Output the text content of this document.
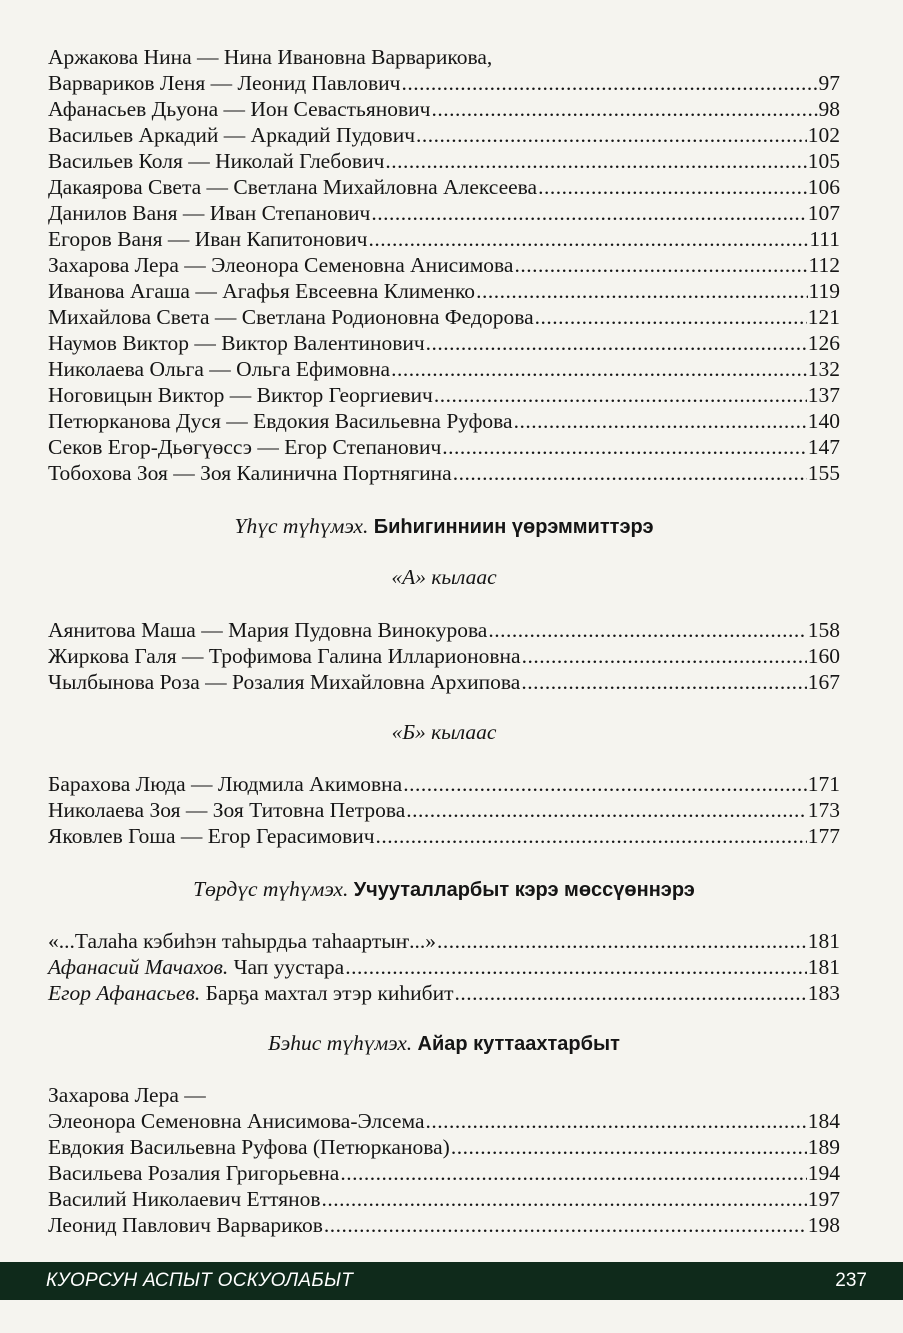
Аржакова Нина — Нина Ивановна Варварикова,
Варвариков Леня — Леонид Павлович .....	97
Афанасьев Дьуона — Ион Севастьянович .....	98
Васильев Аркадий — Аркадий Пудович .....	102
Васильев Коля — Николай Глебович .....	105
Дакаярова Света — Светлана Михайловна Алексеева .....	106
Данилов Ваня — Иван Степанович .....	107
Егоров Ваня — Иван Капитонович .....	111
Захарова Лера — Элеонора Семеновна Анисимова .....	112
Иванова Агаша — Агафья Евсеевна Клименко .....	119
Михайлова Света — Светлана Родионовна Федорова .....	121
Наумов Виктор — Виктор Валентинович .....	126
Николаева Ольга — Ольга Ефимовна .....	132
Ноговицын Виктор — Виктор Георгиевич .....	137
Петюрканова Дуся — Евдокия Васильевна Руфова .....	140
Секов Егор-Дьөгүөссэ — Егор Степанович .....	147
Тобохова Зоя — Зоя Калинична Портнягина .....	155
Үһүс түһүмэх. Биһигинниин үөрэммиттэрэ
«А» кылаас
Аянитова Маша — Мария Пудовна Винокурова .....	158
Жиркова Галя — Трофимова Галина Илларионовна .....	160
Чылбынова Роза — Розалия Михайловна Архипова .....	167
«Б» кылаас
Барахова Люда — Людмила Акимовна .....	171
Николаева Зоя — Зоя Титовна Петрова .....	173
Яковлев Гоша — Егор Герасимович .....	177
Төрдүс түһүмэх. Учууталларбыт кэрэ мөссүөннэрэ
«...Талаһа кэбиһэн таһырдьа таһаартыҥ...» .....	181
Афанасий Мачахов. Чап уустара .....	181
Егор Афанасьев. Барҕа махтал этэр киһибит .....	183
Бэһис түһүмэх. Айар куттаахтарбыт
Захарова Лера —
Элеонора Семеновна Анисимова-Элсема .....	184
Евдокия Васильевна Руфова (Петюрканова) .....	189
Васильева Розалия Григорьевна .....	194
Василий Николаевич Еттянов .....	197
Леонид Павлович Варвариков .....	198
КУОРСУН АСПЫТ ОСКУОЛАБЫТ	237
